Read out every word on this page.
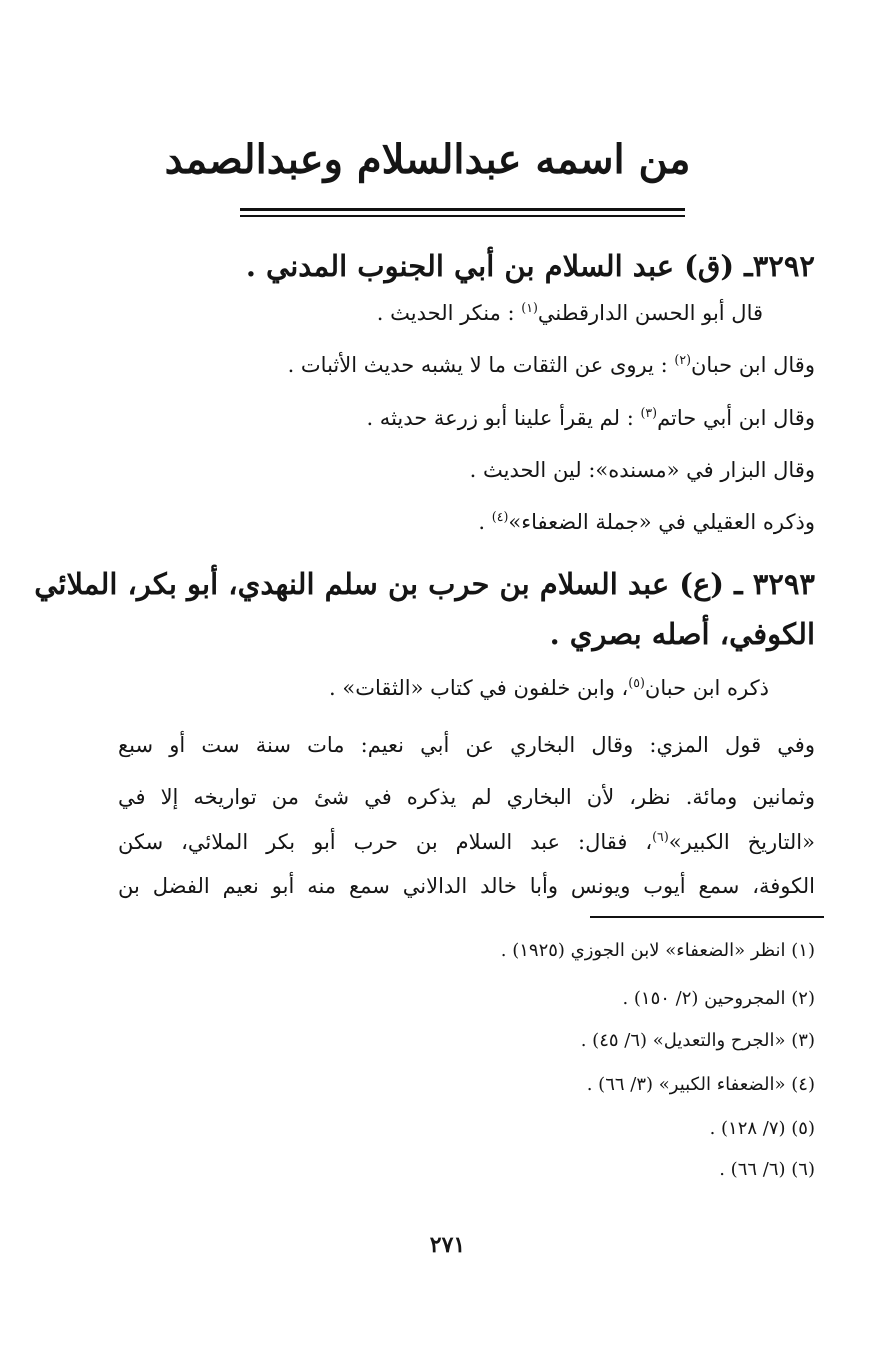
من اسمه عبدالسلام وعبدالصمد
٣٢٩٢ـ (ق) عبد السلام بن أبي الجنوب المدني .
قال أبو الحسن الدارقطني$^{(١)}$ : منكر الحديث .
وقال ابن حبان$^{(٢)}$ : يروى عن الثقات ما لا يشبه حديث الأثبات .
وقال ابن أبي حاتم$^{(٣)}$ : لم يقرأ علينا أبو زرعة حديثه .
وقال البزار في «مسنده»: لين الحديث .
وذكره العقيلي في «جملة الضعفاء»$^{(٤)}$ .
٣٢٩٣ ـ (ع) عبد السلام بن حرب بن سلم النهدي، أبو بكر، الملائي
الكوفي، أصله بصري .
ذكره ابن حبان$^{(٥)}$، وابن خلفون في كتاب «الثقات» .
وفي قول المزي: وقال البخاري عن أبي نعيم: مات سنة ست أو سبع
وثمانين ومائة. نظر، لأن البخاري لم يذكره في شئ من تواريخه إلا في
«التاريخ الكبير»$^{(٦)}$، فقال: عبد السلام بن حرب أبو بكر الملائي، سكن
الكوفة، سمع أيوب ويونس وأبا خالد الدالاني سمع منه أبو نعيم الفضل بن
(١) انظر «الضعفاء» لابن الجوزي (١٩٢٥) .
(٢) المجروحين (٢/ ١٥٠) .
(٣) «الجرح والتعديل» (٦/ ٤٥) .
(٤) «الضعفاء الكبير» (٣/ ٦٦) .
(٥) (٧/ ١٢٨) .
(٦) (٦/ ٦٦) .
٢٧١
